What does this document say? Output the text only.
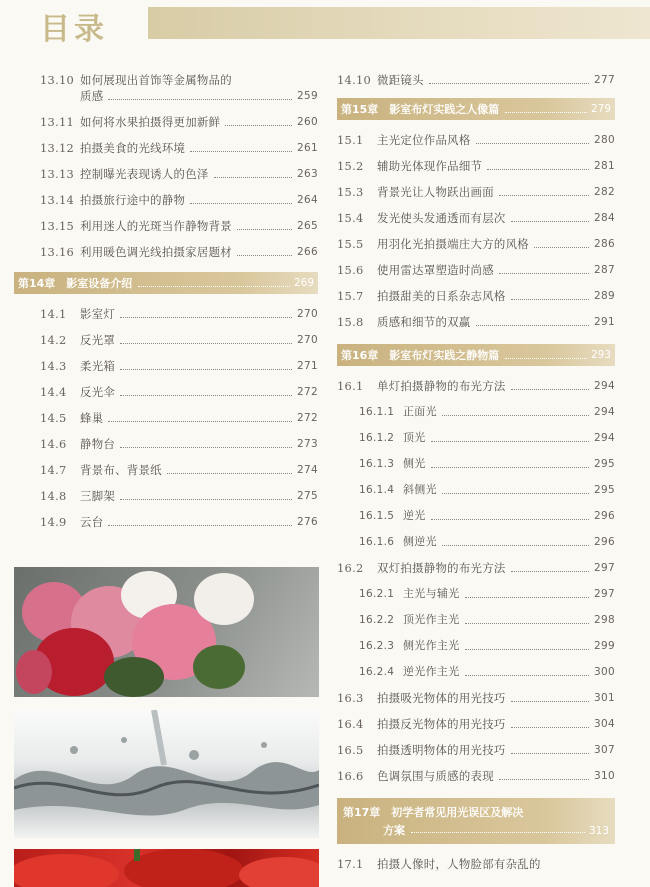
目录
13.10 如何展现出首饰等金属物品的
质感	259
13.11 如何将水果拍摄得更加新鲜	260
13.12 拍摄美食的光线环境	261
13.13 控制曝光表现诱人的色泽	263
13.14 拍摄旅行途中的静物	264
13.15 利用迷人的光斑当作静物背景	265
13.16 利用暖色调光线拍摄家居题材	266
第14章　影室设备介绍	269
14.1	影室灯	270
14.2	反光罩	270
14.3	柔光箱	271
14.4	反光伞	272
14.5	蜂巢	272
14.6	静物台	273
14.7	背景布、背景纸	274
14.8	三脚架	275
14.9	云台	276
14.10 微距镜头	277
第15章　影室布灯实践之人像篇	279
15.1	主光定位作品风格	280
15.2	辅助光体现作品细节	281
15.3	背景光让人物跃出画面	282
15.4	发光使头发通透而有层次	284
15.5	用羽化光拍摄端庄大方的风格	286
15.6	使用雷达罩塑造时尚感	287
15.7	拍摄甜美的日系杂志风格	289
15.8	质感和细节的双赢	291
第16章　影室布灯实践之静物篇	293
16.1	单灯拍摄静物的布光方法	294
16.1.1 正面光	294
16.1.2 顶光	294
16.1.3 侧光	295
16.1.4 斜侧光	295
16.1.5 逆光	296
16.1.6 侧逆光	296
16.2	双灯拍摄静物的布光方法	297
16.2.1 主光与辅光	297
16.2.2 顶光作主光	298
16.2.3 侧光作主光	299
16.2.4 逆光作主光	300
16.3	拍摄吸光物体的用光技巧	301
16.4	拍摄反光物体的用光技巧	304
16.5	拍摄透明物体的用光技巧	307
16.6	色调氛围与质感的表现	310
第17章　初学者常见用光误区及解决
方案	313
17.1	拍摄人像时，人物脸部有杂乱的
